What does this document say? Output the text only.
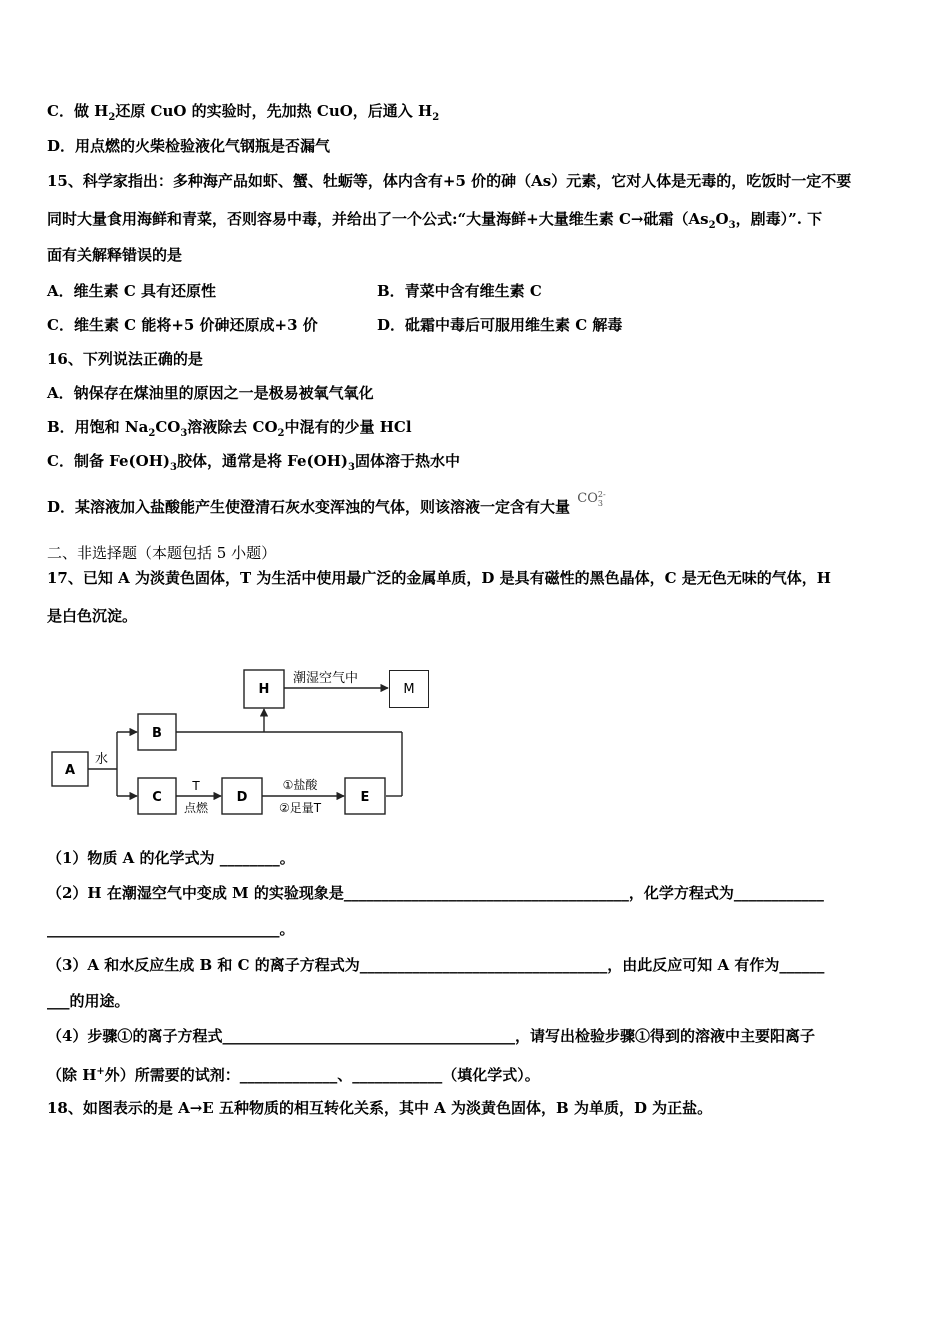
C．做 $H_2$还原 CuO 的实验时，先加热 CuO，后通入 $H_2$
D．用点燃的火柴检验液化气钢瓶是否漏气
15、科学家指出：多种海产品如虾、蟹、牡蛎等，体内含有+5 价的砷（As）元素，它对人体是无毒的，吃饭时一定不要
同时大量食用海鲜和青菜，否则容易中毒，并给出了一个公式:“大量海鲜+大量维生素 C→砒霜（$As_2O_3$，剧毒）”. 下
面有关解释错误的是
A．维生素 C 具有还原性	B．青菜中含有维生素 C
C．维生素 C 能将+5 价砷还原成+3 价	D．砒霜中毒后可服用维生素 C 解毒
16、下列说法正确的是
A．钠保存在煤油里的原因之一是极易被氧气氧化
B．用饱和 $Na_2CO_3$溶液除去 $CO_2$中混有的少量 HCl
C．制备 $Fe(OH)_3$胶体，通常是将 $Fe(OH)_3$固体溶于热水中
D．某溶液加入盐酸能产生使澄清石灰水变浑浊的气体，则该溶液一定含有大量 CO 2-
3
二、非选择题（本题包括 5 小题）
17、已知 A 为淡黄色固体，T 为生活中使用最广泛的金属单质，D 是具有磁性的黑色晶体，C 是无色无味的气体，H
是白色沉淀。
A
B
C	D	E
H
水
潮湿空气中
T
点燃
①盐酸
②足量T
M
（1）物质 A 的化学式为 ________。
（2）H 在潮湿空气中变成 M 的实验现象是______________________________________，化学方程式为____________
_______________________________。
（3）A 和水反应生成 B 和 C 的离子方程式为_________________________________，由此反应可知 A 有作为______
___的用途。
（4）步骤①的离子方程式_______________________________________，请写出检验步骤①得到的溶液中主要阳离子
（除 H+外）所需要的试剂：_____________、____________（填化学式）。
18、如图表示的是 A→E 五种物质的相互转化关系，其中 A 为淡黄色固体，B 为单质，D 为正盐。
